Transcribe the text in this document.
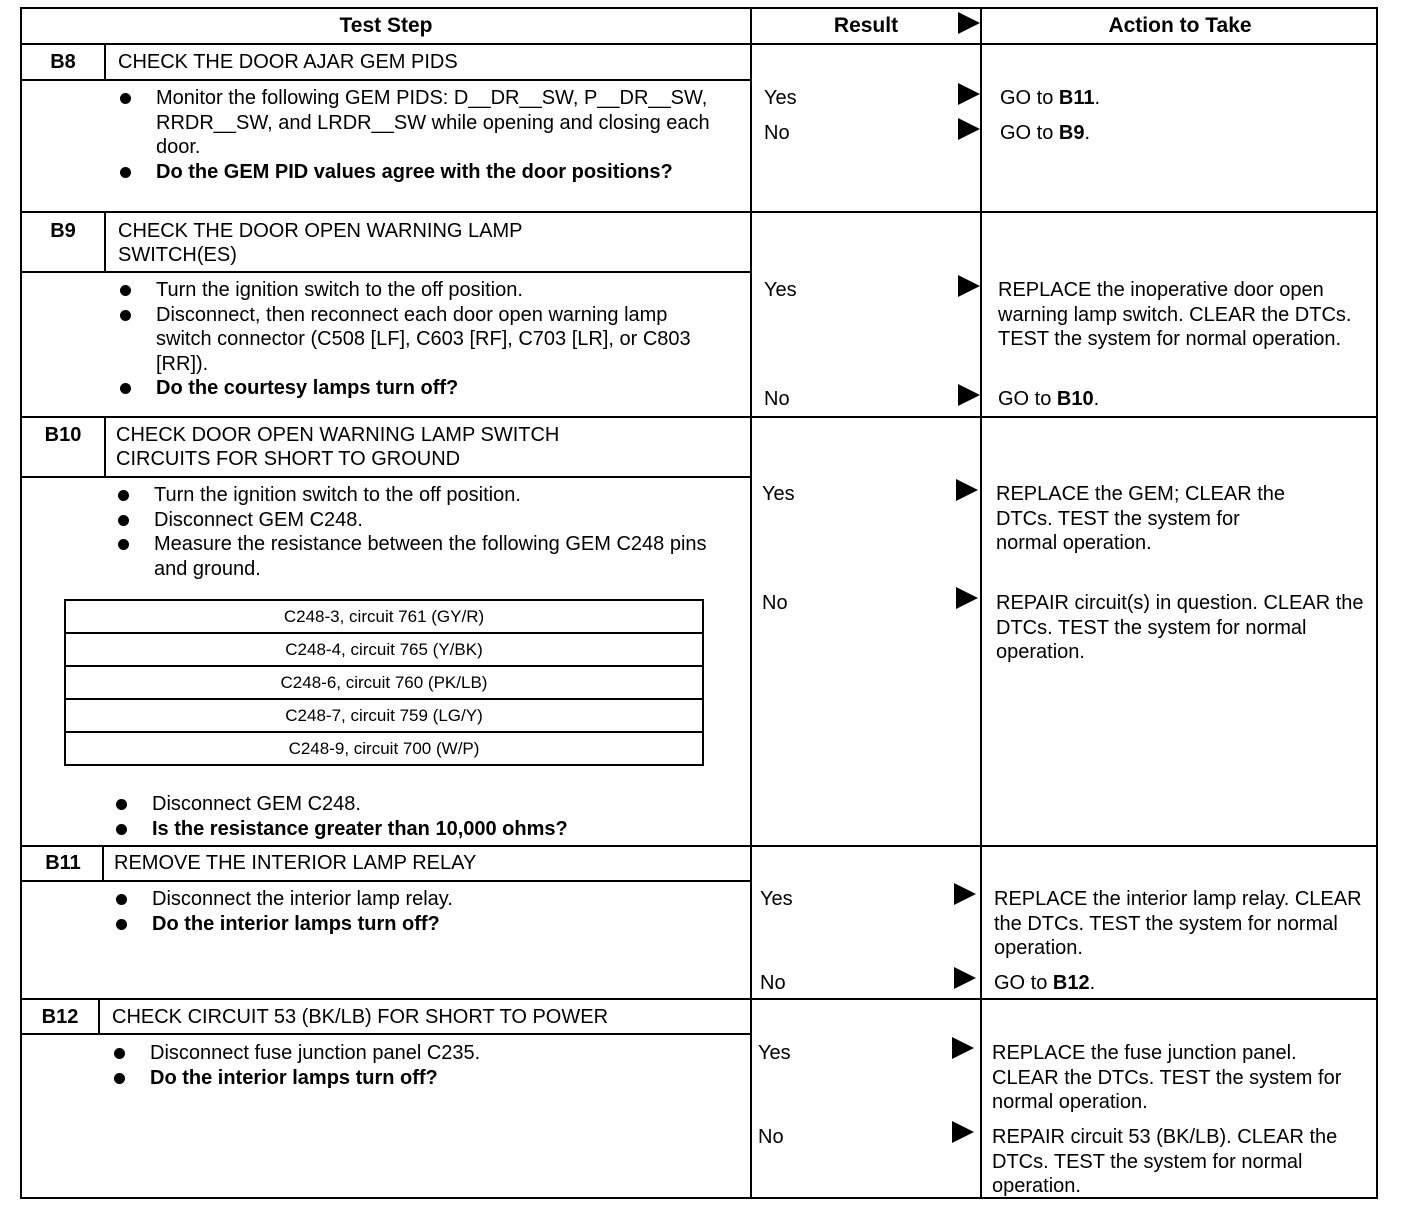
Test Step	Result	Action to Take
B8	CHECK THE DOOR AJAR GEM PIDS
Monitor the following GEM PIDS: D__DR__SW, P__DR__SW, RRDR__SW, and LRDR__SW while opening and closing each door.
Do the GEM PID values agree with the door positions?
Yes	GO to B11.
No	GO to B9.
B9	CHECK THE DOOR OPEN WARNING LAMP SWITCH(ES)
Turn the ignition switch to the off position.
Disconnect, then reconnect each door open warning lamp switch connector (C508 [LF], C603 [RF], C703 [LR], or C803 [RR]).
Do the courtesy lamps turn off?
Yes	REPLACE the inoperative door open warning lamp switch. CLEAR the DTCs. TEST the system for normal operation.
No	GO to B10.
B10	CHECK DOOR OPEN WARNING LAMP SWITCH CIRCUITS FOR SHORT TO GROUND
Turn the ignition switch to the off position.
Disconnect GEM C248.
Measure the resistance between the following GEM C248 pins and ground.
C248-3, circuit 761 (GY/R)
C248-4, circuit 765 (Y/BK)
C248-6, circuit 760 (PK/LB)
C248-7, circuit 759 (LG/Y)
C248-9, circuit 700 (W/P)
Disconnect GEM C248.
Is the resistance greater than 10,000 ohms?
Yes	REPLACE the GEM; CLEAR the DTCs. TEST the system for normal operation.
No	REPAIR circuit(s) in question. CLEAR the DTCs. TEST the system for normal operation.
B11	REMOVE THE INTERIOR LAMP RELAY
Disconnect the interior lamp relay.
Do the interior lamps turn off?
Yes	REPLACE the interior lamp relay. CLEAR the DTCs. TEST the system for normal operation.
No	GO to B12.
B12	CHECK CIRCUIT 53 (BK/LB) FOR SHORT TO POWER
Disconnect fuse junction panel C235.
Do the interior lamps turn off?
Yes	REPLACE the fuse junction panel. CLEAR the DTCs. TEST the system for normal operation.
No	REPAIR circuit 53 (BK/LB). CLEAR the DTCs. TEST the system for normal operation.
